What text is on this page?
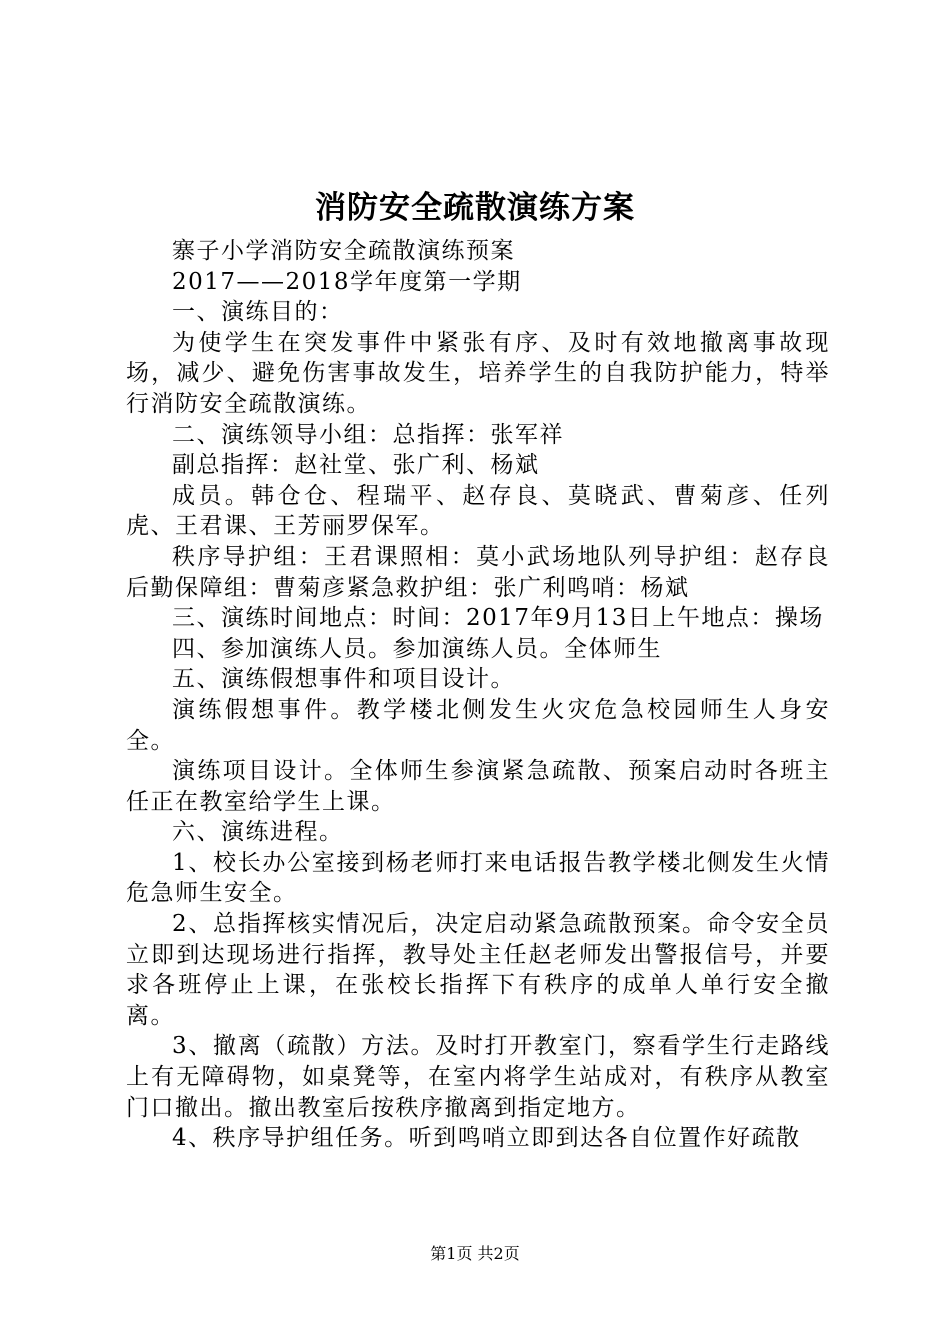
消防安全疏散演练方案

寨子小学消防安全疏散演练预案

2017——2018学年度第一学期

一、演练目的：

为使学生在突发事件中紧张有序、及时有效地撤离事故现场，减少、避免伤害事故发生，培养学生的自我防护能力，特举行消防安全疏散演练。

二、演练领导小组：总指挥：张军祥

副总指挥：赵社堂、张广利、杨斌

成员。韩仓仓、程瑞平、赵存良、莫晓武、曹菊彦、任列虎、王君课、王芳丽罗保军。

秩序导护组：王君课照相：莫小武场地队列导护组：赵存良后勤保障组：曹菊彦紧急救护组：张广利鸣哨：杨斌

三、演练时间地点：时间：2017年9月13日上午地点：操场

四、参加演练人员。参加演练人员。全体师生

五、演练假想事件和项目设计。

演练假想事件。教学楼北侧发生火灾危急校园师生人身安全。

演练项目设计。全体师生参演紧急疏散、预案启动时各班主任正在教室给学生上课。

六、演练进程。

1、校长办公室接到杨老师打来电话报告教学楼北侧发生火情危急师生安全。

2、总指挥核实情况后，决定启动紧急疏散预案。命令安全员立即到达现场进行指挥，教导处主任赵老师发出警报信号，并要求各班停止上课，在张校长指挥下有秩序的成单人单行安全撤离。

3、撤离（疏散）方法。及时打开教室门，察看学生行走路线上有无障碍物，如桌凳等，在室内将学生站成对，有秩序从教室门口撤出。撤出教室后按秩序撤离到指定地方。

4、秩序导护组任务。听到鸣哨立即到达各自位置作好疏散

第1页 共2页
